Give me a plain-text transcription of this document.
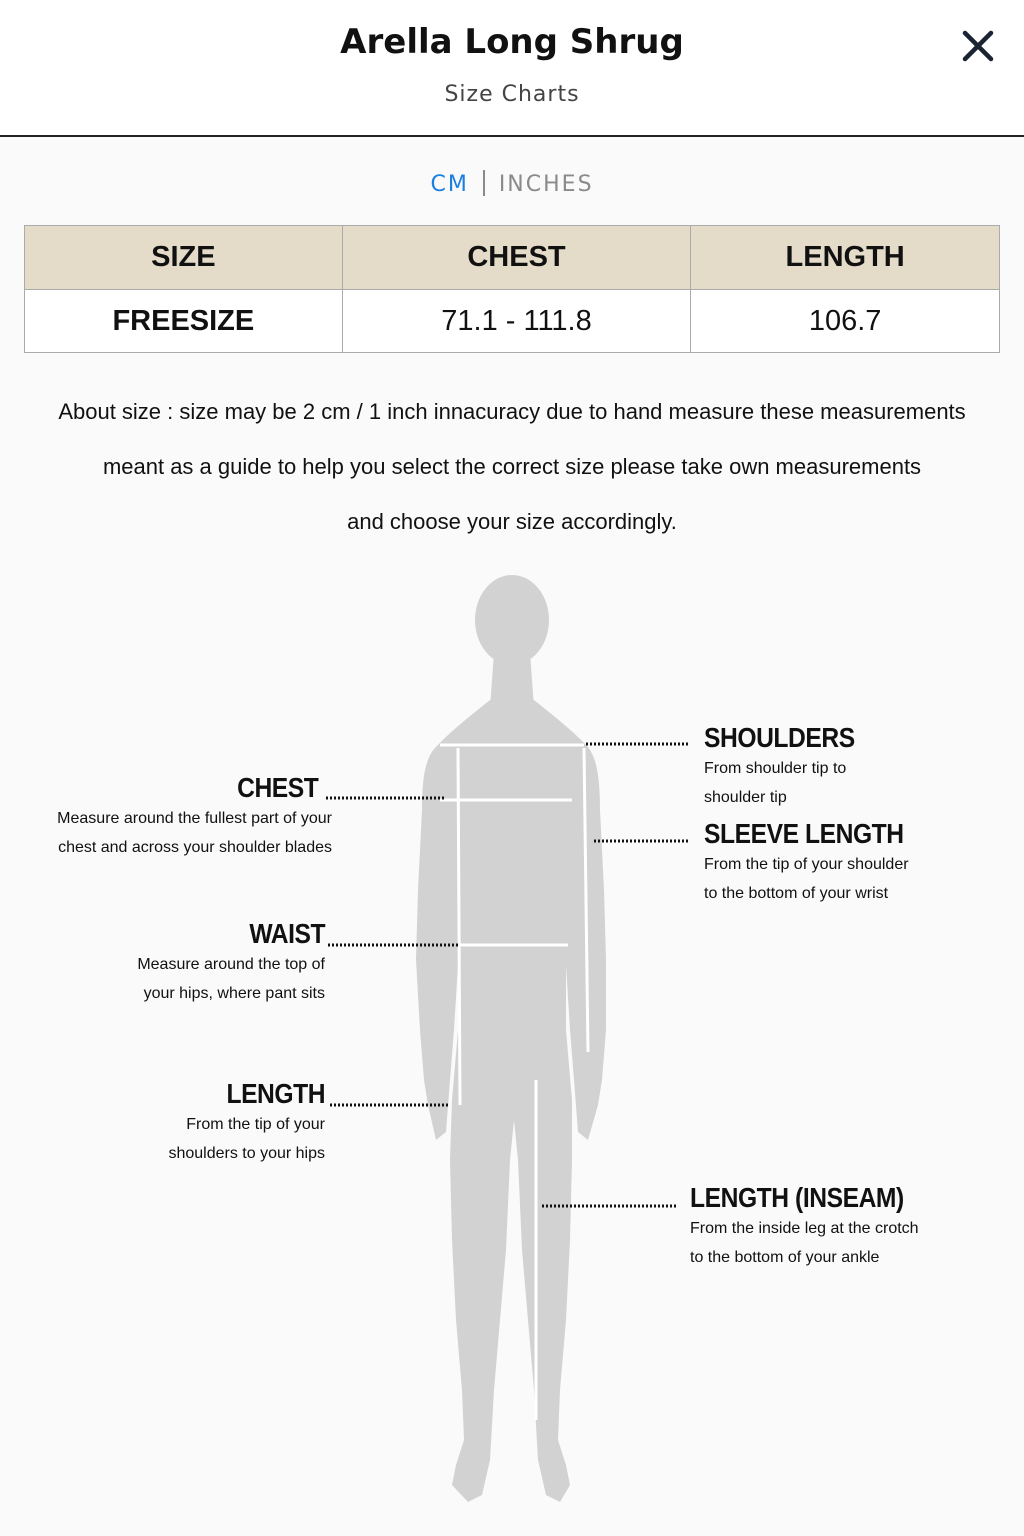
Arella Long Shrug
Size Charts
CM INCHES
SIZE	CHEST	LENGTH
FREESIZE	71.1 - 111.8	106.7
About size : size may be 2 cm / 1 inch innacuracy due to hand measure these measurements
meant as a guide to help you select the correct size please take own measurements
and choose your size accordingly.
SHOULDERS
From shoulder tip to
shoulder tip
SLEEVE LENGTH
From the tip of your shoulder
to the bottom of your wrist
CHEST
Measure around the fullest part of your
chest and across your shoulder blades
WAIST
Measure around the top of
your hips, where pant sits
LENGTH
From the tip of your
shoulders to your hips
LENGTH (INSEAM)
From the inside leg at the crotch
to the bottom of your ankle
